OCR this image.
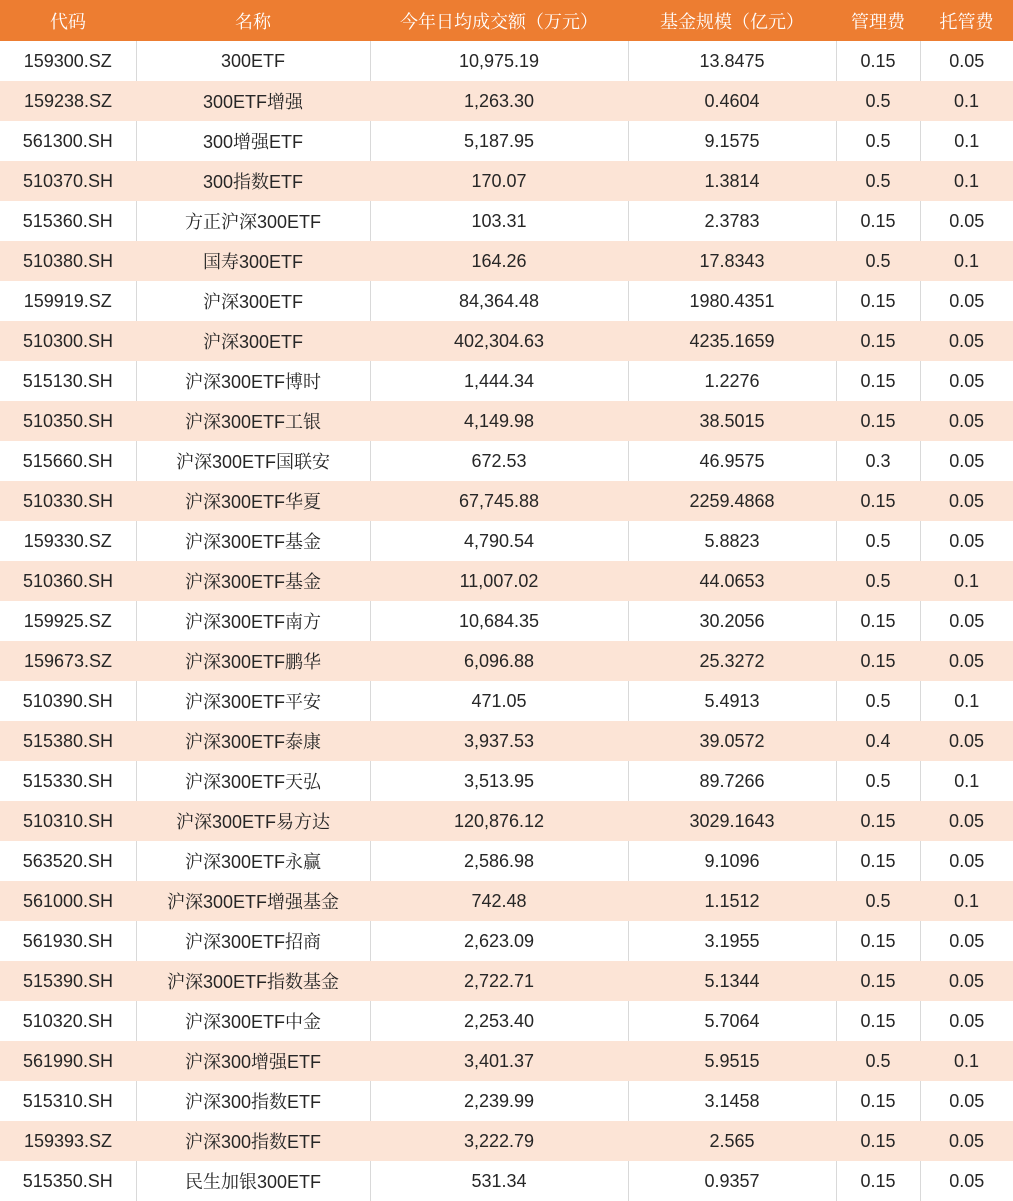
代码	名称	今年日均成交额（万元）	基金规模（亿元）	管理费	托管费
159300.SZ	300ETF	10,975.19	13.8475	0.15	0.05
159238.SZ	300ETF增强	1,263.30	0.4604	0.5	0.1
561300.SH	300增强ETF	5,187.95	9.1575	0.5	0.1
510370.SH	300指数ETF	170.07	1.3814	0.5	0.1
515360.SH	方正沪深300ETF	103.31	2.3783	0.15	0.05
510380.SH	国寿300ETF	164.26	17.8343	0.5	0.1
159919.SZ	沪深300ETF	84,364.48	1980.4351	0.15	0.05
510300.SH	沪深300ETF	402,304.63	4235.1659	0.15	0.05
515130.SH	沪深300ETF博时	1,444.34	1.2276	0.15	0.05
510350.SH	沪深300ETF工银	4,149.98	38.5015	0.15	0.05
515660.SH	沪深300ETF国联安	672.53	46.9575	0.3	0.05
510330.SH	沪深300ETF华夏	67,745.88	2259.4868	0.15	0.05
159330.SZ	沪深300ETF基金	4,790.54	5.8823	0.5	0.05
510360.SH	沪深300ETF基金	11,007.02	44.0653	0.5	0.1
159925.SZ	沪深300ETF南方	10,684.35	30.2056	0.15	0.05
159673.SZ	沪深300ETF鹏华	6,096.88	25.3272	0.15	0.05
510390.SH	沪深300ETF平安	471.05	5.4913	0.5	0.1
515380.SH	沪深300ETF泰康	3,937.53	39.0572	0.4	0.05
515330.SH	沪深300ETF天弘	3,513.95	89.7266	0.5	0.1
510310.SH	沪深300ETF易方达	120,876.12	3029.1643	0.15	0.05
563520.SH	沪深300ETF永赢	2,586.98	9.1096	0.15	0.05
561000.SH	沪深300ETF增强基金	742.48	1.1512	0.5	0.1
561930.SH	沪深300ETF招商	2,623.09	3.1955	0.15	0.05
515390.SH	沪深300ETF指数基金	2,722.71	5.1344	0.15	0.05
510320.SH	沪深300ETF中金	2,253.40	5.7064	0.15	0.05
561990.SH	沪深300增强ETF	3,401.37	5.9515	0.5	0.1
515310.SH	沪深300指数ETF	2,239.99	3.1458	0.15	0.05
159393.SZ	沪深300指数ETF	3,222.79	2.565	0.15	0.05
515350.SH	民生加银300ETF	531.34	0.9357	0.15	0.05
